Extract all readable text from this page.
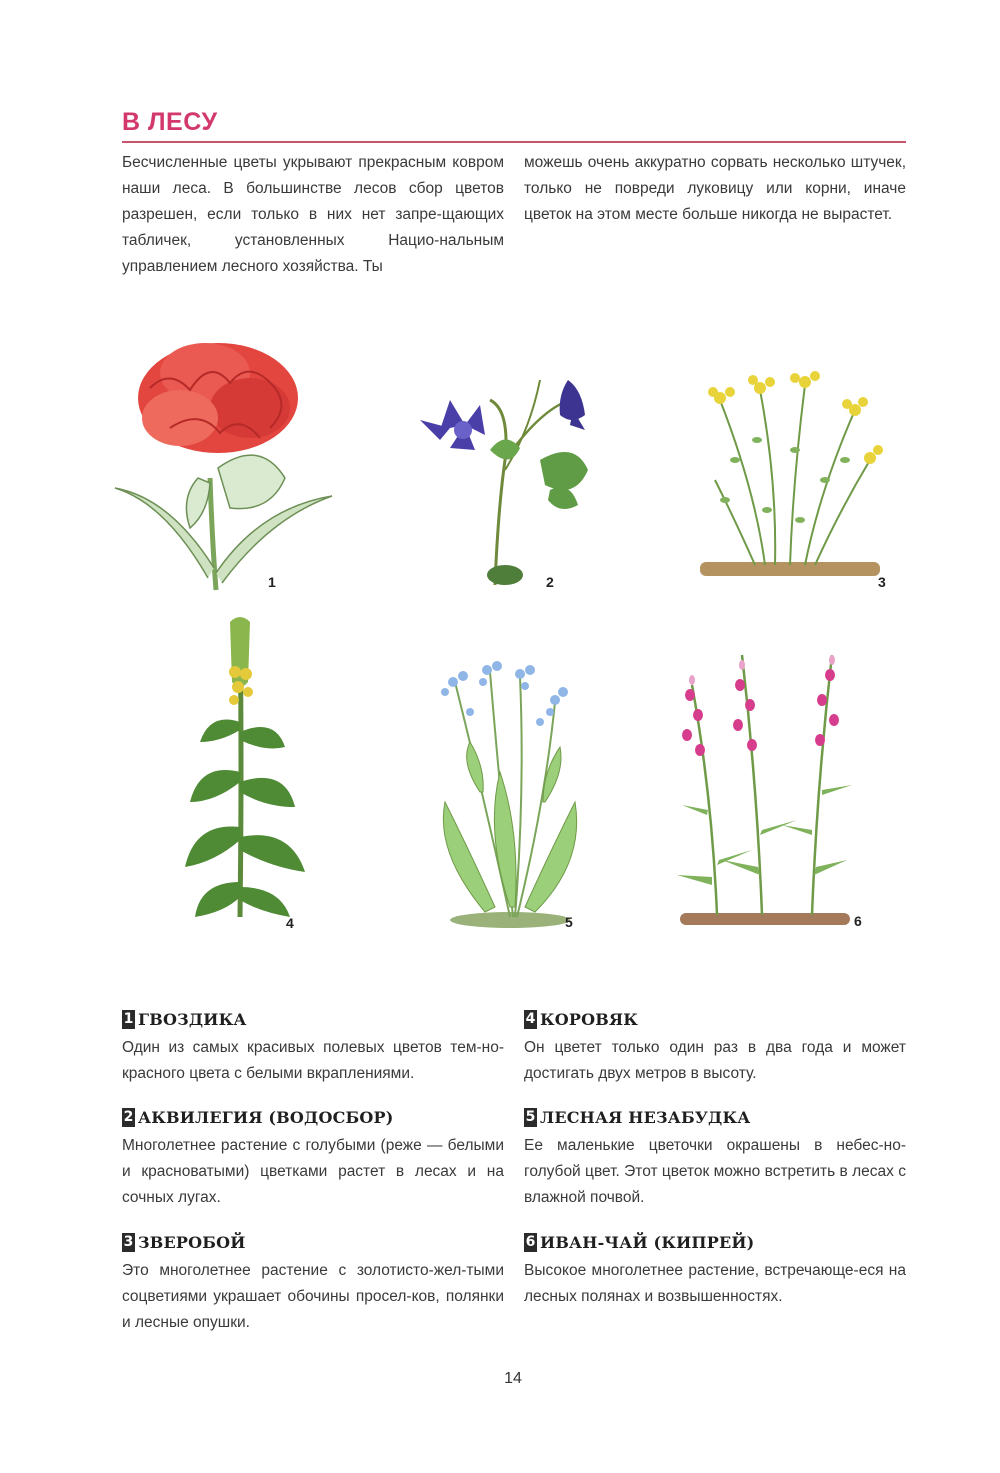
В ЛЕСУ

Бесчисленные цветы укрывают прекрасным ковром наши леса. В большинстве лесов сбор цветов разрешен, если только в них нет запре-щающих табличек, установленных Нацио-нальным управлением лесного хозяйства. Ты

можешь очень аккуратно сорвать несколько штучек, только не повреди луковицу или корни, иначе цветок на этом месте больше никогда не вырастет.

1	2	3
4	5	6
1 ГВОЗДИКА

Один из самых красивых полевых цветов тем-но-красного цвета с белыми вкраплениями.

2 АКВИЛЕГИЯ (ВОДОСБОР)

Многолетнее растение с голубыми (реже — белыми и красноватыми) цветками растет в лесах и на сочных лугах.

3 ЗВЕРОБОЙ

Это многолетнее растение с золотисто-жел-тыми соцветиями украшает обочины просел-ков, полянки и лесные опушки.

4 КОРОВЯК

Он цветет только один раз в два года и может достигать двух метров в высоту.

5 ЛЕСНАЯ НЕЗАБУДКА

Ее маленькие цветочки окрашены в небес-но-голубой цвет. Этот цветок можно встретить в лесах с влажной почвой.

6 ИВАН-ЧАЙ (КИПРЕЙ)

Высокое многолетнее растение, встречающе-еся на лесных полянах и возвышенностях.

14
